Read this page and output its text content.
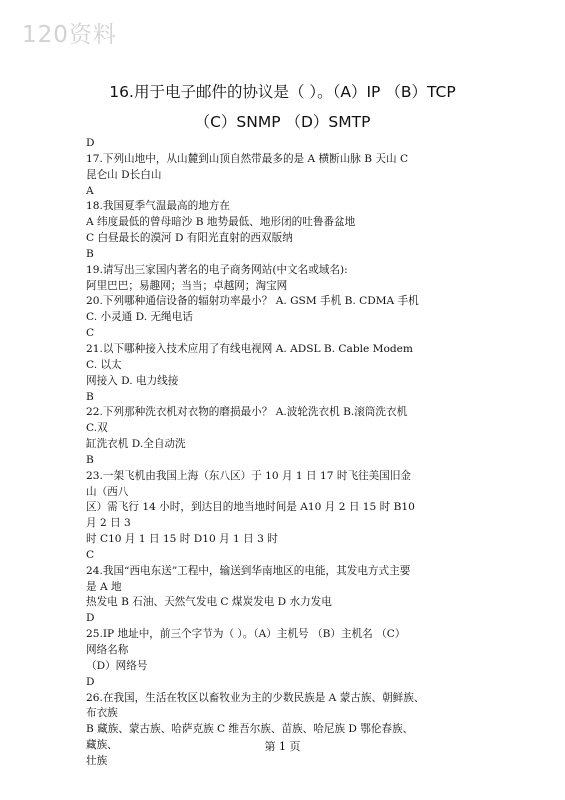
120资料
16.用于电子邮件的协议是（ ）。（A）IP （B）TCP
（C）SNMP （D）SMTP
D
17.下列山地中，从山麓到山顶自然带最多的是 A 横断山脉 B 天山 C
昆仑山 D长白山
A
18.我国夏季气温最高的地方在
A 纬度最低的曾母暗沙 B 地势最低、地形闭的吐鲁番盆地
C 白昼最长的漠河 D 有阳光直射的西双版纳
B
19.请写出三家国内著名的电子商务网站(中文名或域名):
阿里巴巴；易趣网；当当；卓越网；淘宝网
20.下列哪种通信设备的辐射功率最小？ A. GSM 手机 B. CDMA 手机
C. 小灵通 D. 无绳电话
C
21.以下哪种接入技术应用了有线电视网 A. ADSL B. Cable Modem
C. 以太
网接入 D. 电力线接
B
22.下列那种洗衣机对衣物的磨损最小？ A.波轮洗衣机 B.滚筒洗衣机
C.双
缸洗衣机 D.全自动洗
B
23.一架飞机由我国上海（东八区）于 10 月 1 日 17 时飞往美国旧金
山（西八
区）需飞行 14 小时，到达目的地当地时间是 A10 月 2 日 15 时 B10
月 2 日 3
时 C10 月 1 日 15 时 D10 月 1 日 3 时
C
24.我国“西电东送”工程中，输送到华南地区的电能，其发电方式主要
是 A 地
热发电 B 石油、天然气发电 C 煤炭发电 D 水力发电
D
25.IP 地址中，前三个字节为（ ）。（A）主机号 （B）主机名 （C）
网络名称
（D）网络号
D
26.在我国，生活在牧区以畜牧业为主的少数民族是 A 蒙古族、朝鲜族、
布衣族
B 藏族、蒙古族、哈萨克族 C 维吾尔族、苗族、哈尼族 D 鄂伦春族、
藏族、
壮族
第 1 页
